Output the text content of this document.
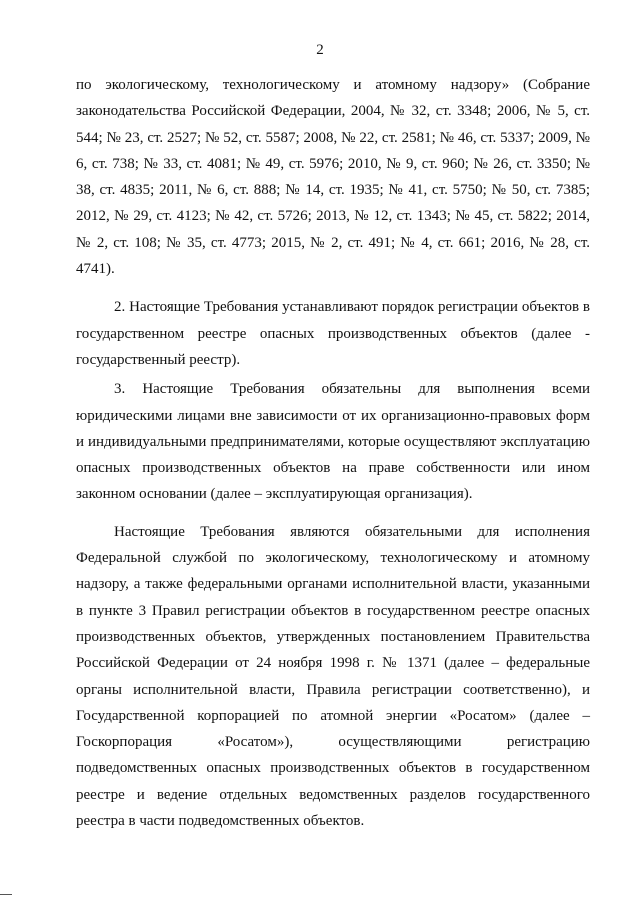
2

по экологическому, технологическому и атомному надзору» (Собрание законодательства Российской Федерации, 2004, № 32, ст. 3348; 2006, № 5, ст. 544; № 23, ст. 2527; № 52, ст. 5587; 2008, № 22, ст. 2581; № 46, ст. 5337; 2009, № 6, ст. 738; № 33, ст. 4081; № 49, ст. 5976; 2010, № 9, ст. 960; № 26, ст. 3350; № 38, ст. 4835; 2011, № 6, ст. 888; № 14, ст. 1935; № 41, ст. 5750; № 50, ст. 7385; 2012, № 29, ст. 4123; № 42, ст. 5726; 2013, № 12, ст. 1343; № 45, ст. 5822; 2014, № 2, ст. 108; № 35, ст. 4773; 2015, № 2, ст. 491; № 4, ст. 661; 2016, № 28, ст. 4741).

2. Настоящие Требования устанавливают порядок регистрации объектов в государственном реестре опасных производственных объектов (далее - государственный реестр).

3. Настоящие Требования обязательны для выполнения всеми юридическими лицами вне зависимости от их организационно-правовых форм и индивидуальными предпринимателями, которые осуществляют эксплуатацию опасных производственных объектов на праве собственности или ином законном основании (далее – эксплуатирующая организация).

Настоящие Требования являются обязательными для исполнения Федеральной службой по экологическому, технологическому и атомному надзору, а также федеральными органами исполнительной власти, указанными в пункте 3 Правил регистрации объектов в государственном реестре опасных производственных объектов, утвержденных постановлением Правительства Российской Федерации от 24 ноября 1998 г. № 1371 (далее – федеральные органы исполнительной власти, Правила регистрации соответственно), и Государственной корпорацией по атомной энергии «Росатом» (далее – Госкорпорация «Росатом»), осуществляющими регистрацию подведомственных опасных производственных объектов в государственном реестре и ведение отдельных ведомственных разделов государственного реестра в части подведомственных объектов.
